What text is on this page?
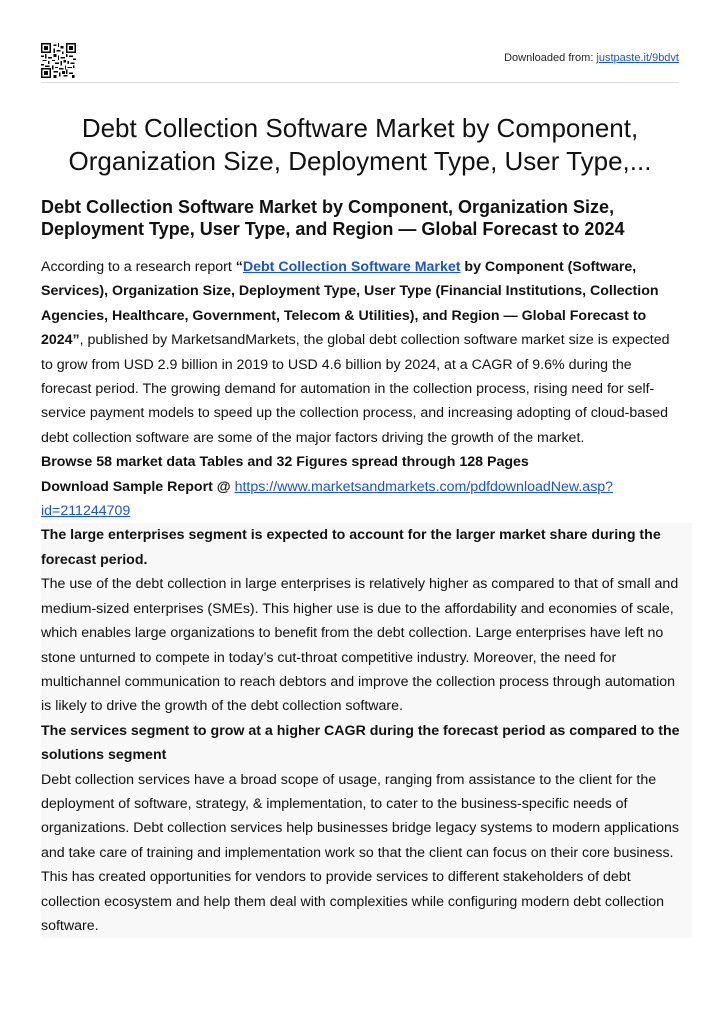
Downloaded from: justpaste.it/9bdvt
Debt Collection Software Market by Component, Organization Size, Deployment Type, User Type,...
Debt Collection Software Market by Component, Organization Size, Deployment Type, User Type, and Region — Global Forecast to 2024

According to a research report “Debt Collection Software Market by Component (Software, Services), Organization Size, Deployment Type, User Type (Financial Institutions, Collection Agencies, Healthcare, Government, Telecom & Utilities), and Region — Global Forecast to 2024”, published by MarketsandMarkets, the global debt collection software market size is expected to grow from USD 2.9 billion in 2019 to USD 4.6 billion by 2024, at a CAGR of 9.6% during the forecast period. The growing demand for automation in the collection process, rising need for self-service payment models to speed up the collection process, and increasing adopting of cloud-based debt collection software are some of the major factors driving the growth of the market.

Browse 58 market data Tables and 32 Figures spread through 128 Pages

Download Sample Report @ https://www.marketsandmarkets.com/pdfdownloadNew.asp?id=211244709

The large enterprises segment is expected to account for the larger market share during the forecast period.

The use of the debt collection in large enterprises is relatively higher as compared to that of small and medium-sized enterprises (SMEs). This higher use is due to the affordability and economies of scale, which enables large organizations to benefit from the debt collection. Large enterprises have left no stone unturned to compete in today’s cut-throat competitive industry. Moreover, the need for multichannel communication to reach debtors and improve the collection process through automation is likely to drive the growth of the debt collection software.

The services segment to grow at a higher CAGR during the forecast period as compared to the solutions segment

Debt collection services have a broad scope of usage, ranging from assistance to the client for the deployment of software, strategy, & implementation, to cater to the business-specific needs of organizations. Debt collection services help businesses bridge legacy systems to modern applications and take care of training and implementation work so that the client can focus on their core business. This has created opportunities for vendors to provide services to different stakeholders of debt collection ecosystem and help them deal with complexities while configuring modern debt collection software.
